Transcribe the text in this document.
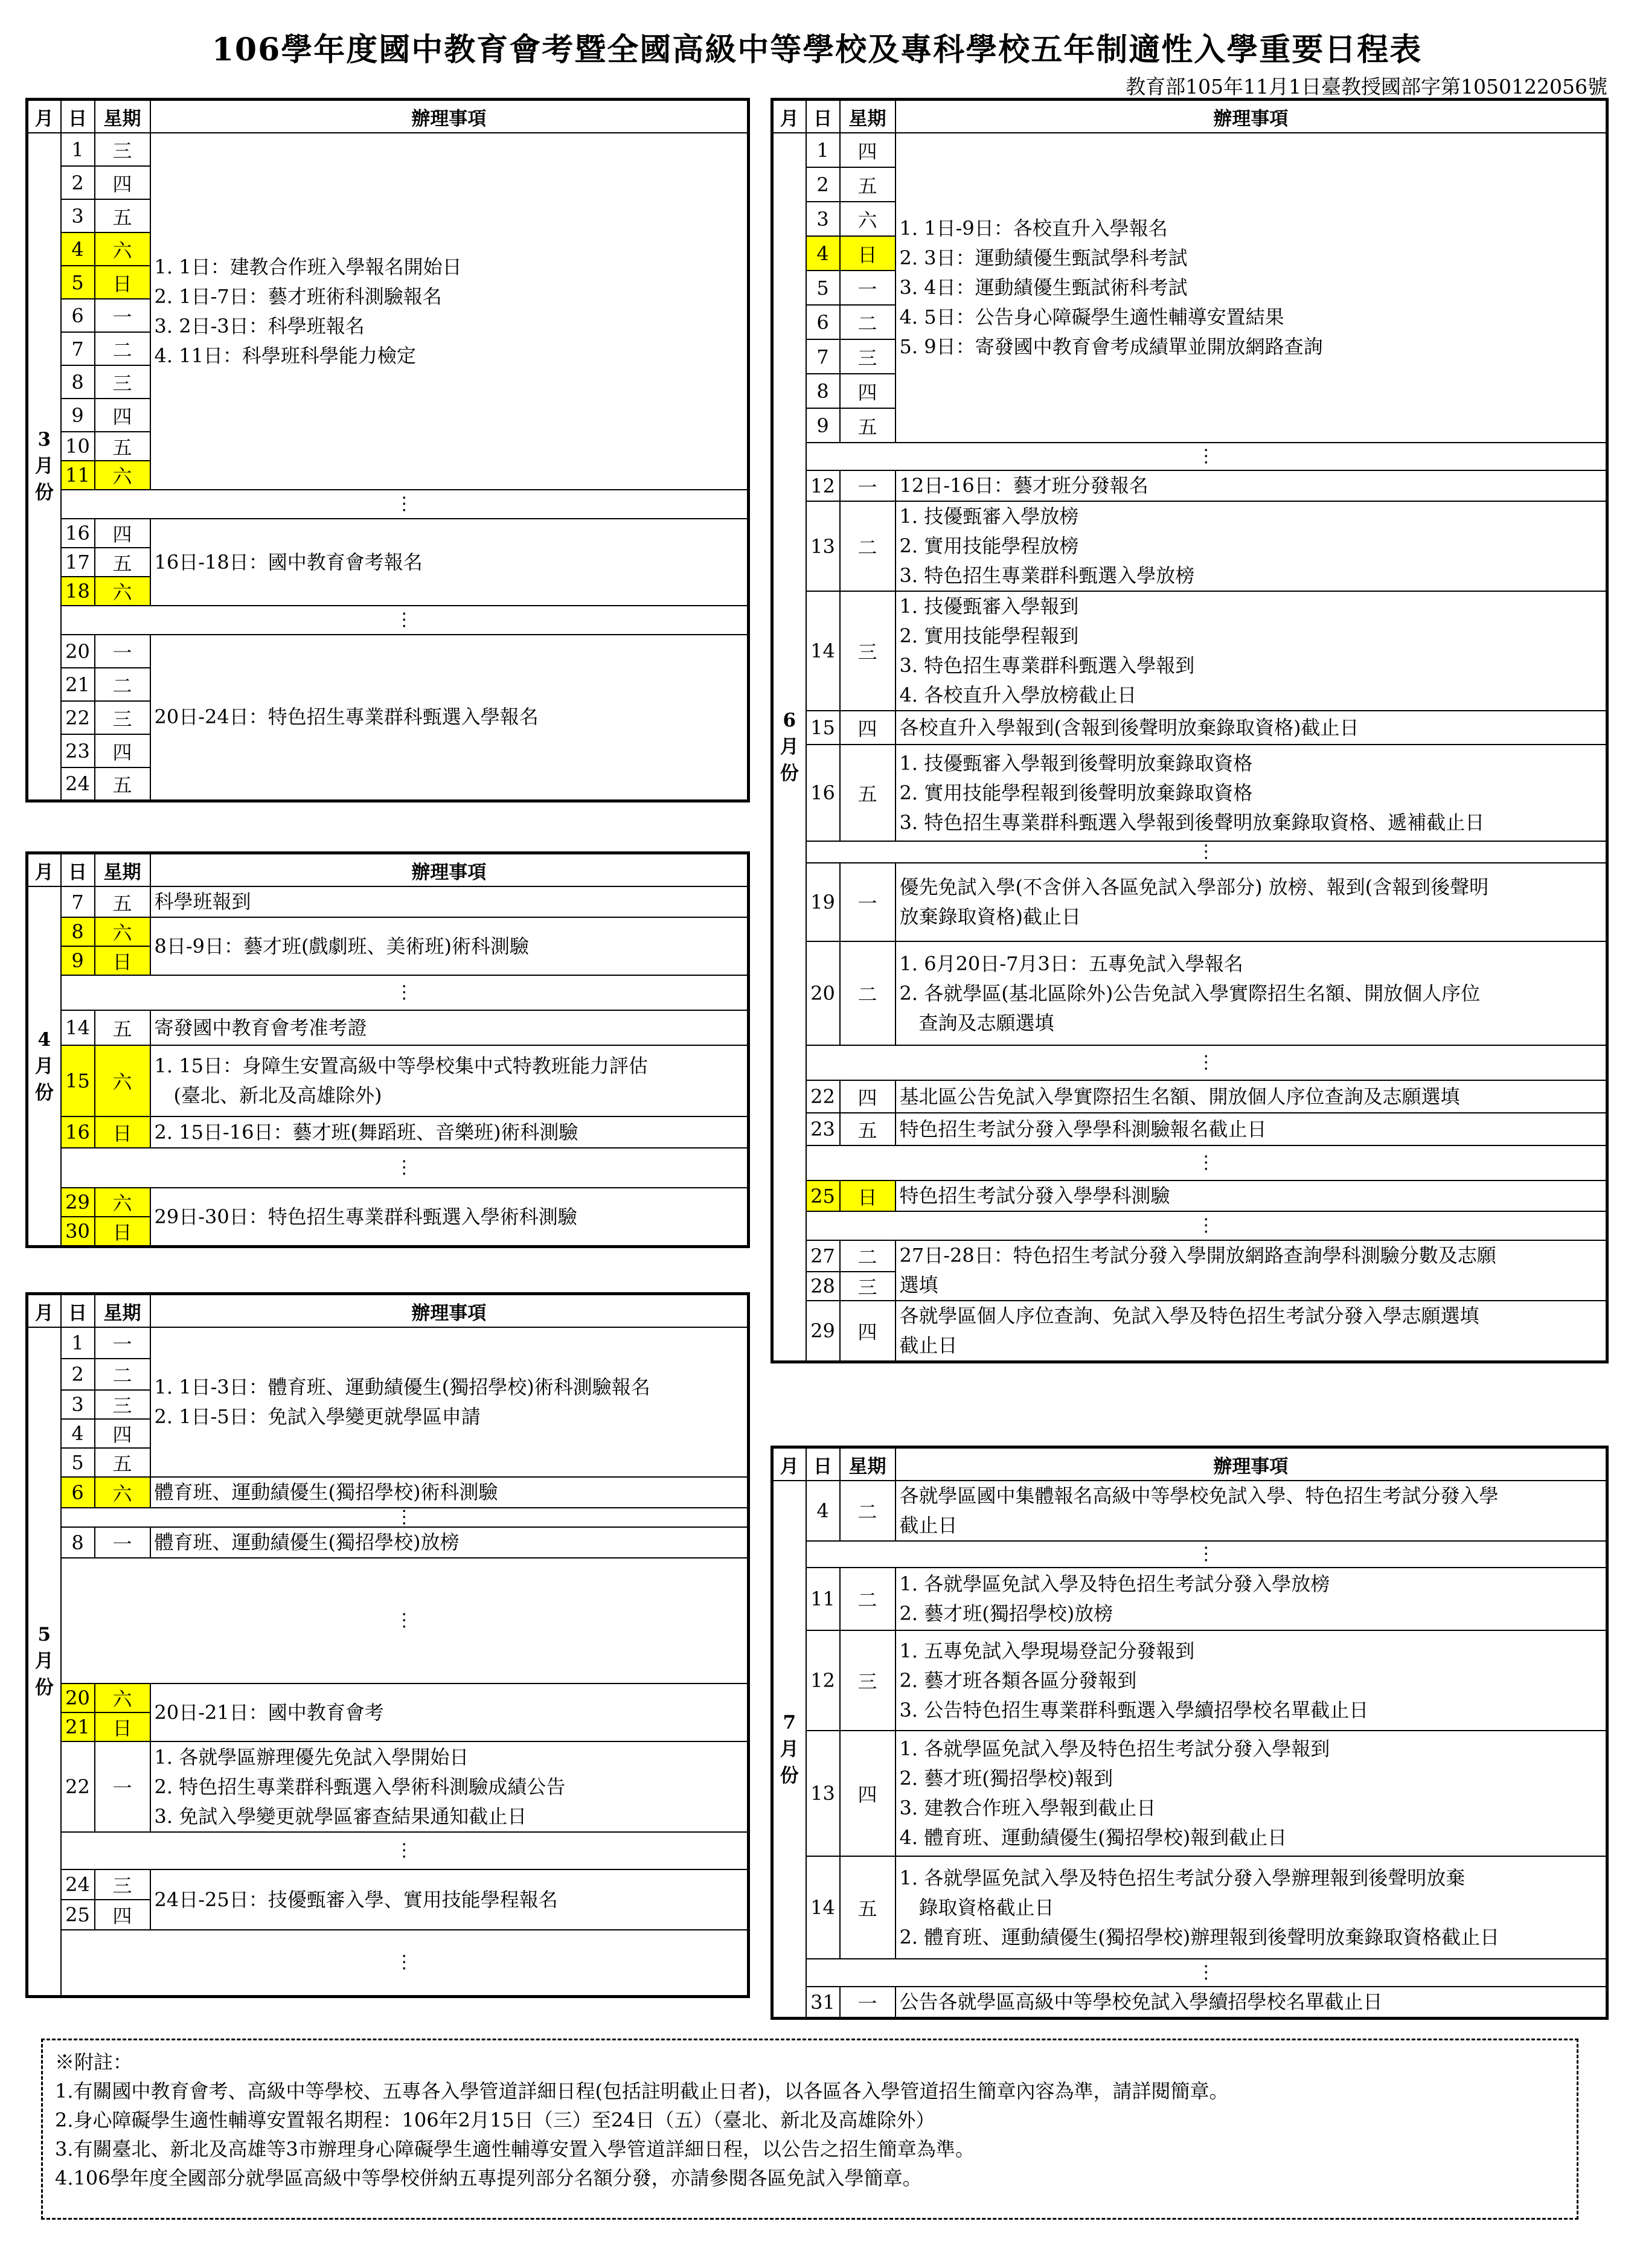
106學年度國中教育會考暨全國高級中等學校及專科學校五年制適性入學重要日程表
教育部105年11月1日臺教授國部字第1050122056號
月	日	星期	辦理事項
3月份	1	三	1. 1日：建教合作班入學報名開始日
2. 1日-7日：藝才班術科測驗報名
3. 2日-3日：科學班報名
4. 11日：科學班科學能力檢定

	2	四	
	3	五	
	4	六	
	5	日	
	6	一	
	7	二	
	8	三	
	9	四	
	10	五	
	11	六	
	⋮		
	16	四	16日-18日：國中教育會考報名

	17	五	
	18	六	
	⋮		
	20	一	20日-24日：特色招生專業群科甄選入學報名

	21	二	
	22	三	
	23	四	
	24	五	
月	日	星期	辦理事項
4月份	7	五	科學班報到

	8	六	8日-9日：藝才班(戲劇班、美術班)術科測驗

	9	日	
	⋮		
	14	五	寄發國中教育會考准考證

	15	六	1. 15日：身障生安置高級中等學校集中式特教班能力評估
　(臺北、新北及高雄除外)

	16	日	2. 15日-16日：藝才班(舞蹈班、音樂班)術科測驗

	⋮		
	29	六	29日-30日：特色招生專業群科甄選入學術科測驗

	30	日	
月	日	星期	辦理事項
5月份	1	一	1. 1日-3日：體育班、運動績優生(獨招學校)術科測驗報名
2. 1日-5日：免試入學變更就學區申請

	2	二	
	3	三	
	4	四	
	5	五	
	6	六	體育班、運動績優生(獨招學校)術科測驗

	⋮		
	8	一	體育班、運動績優生(獨招學校)放榜

	⋮		
	20	六	20日-21日：國中教育會考

	21	日	
	22	一	1. 各就學區辦理優先免試入學開始日
2. 特色招生專業群科甄選入學術科測驗成績公告
3. 免試入學變更就學區審查結果通知截止日

	⋮		
	24	三	24日-25日：技優甄審入學、實用技能學程報名

	25	四	
	⋮		
月	日	星期	辦理事項
6月份	1	四	1. 1日-9日：各校直升入學報名
2. 3日：運動績優生甄試學科考試
3. 4日：運動績優生甄試術科考試
4. 5日：公告身心障礙學生適性輔導安置結果
5. 9日：寄發國中教育會考成績單並開放網路查詢

	2	五	
	3	六	
	4	日	
	5	一	
	6	二	
	7	三	
	8	四	
	9	五	
	⋮		
	12	一	12日-16日：藝才班分發報名

	13	二	1. 技優甄審入學放榜
2. 實用技能學程放榜
3. 特色招生專業群科甄選入學放榜

	14	三	1. 技優甄審入學報到
2. 實用技能學程報到
3. 特色招生專業群科甄選入學報到
4. 各校直升入學放榜截止日

	15	四	各校直升入學報到(含報到後聲明放棄錄取資格)截止日

	16	五	1. 技優甄審入學報到後聲明放棄錄取資格
2. 實用技能學程報到後聲明放棄錄取資格
3. 特色招生專業群科甄選入學報到後聲明放棄錄取資格、遞補截止日

	⋮		
	19	一	優先免試入學(不含併入各區免試入學部分) 放榜、報到(含報到後聲明
放棄錄取資格)截止日

	20	二	1. 6月20日-7月3日：五專免試入學報名
2. 各就學區(基北區除外)公告免試入學實際招生名額、開放個人序位
　查詢及志願選填

	⋮		
	22	四	基北區公告免試入學實際招生名額、開放個人序位查詢及志願選填

	23	五	特色招生考試分發入學學科測驗報名截止日

	⋮		
	25	日	特色招生考試分發入學學科測驗

	⋮		
	27	二	27日-28日：特色招生考試分發入學開放網路查詢學科測驗分數及志願
選填

	28	三	
	29	四	各就學區個人序位查詢、免試入學及特色招生考試分發入學志願選填
截止日
月	日	星期	辦理事項
7月份	4	二	各就學區國中集體報名高級中等學校免試入學、特色招生考試分發入學
截止日

	⋮		
	11	二	1. 各就學區免試入學及特色招生考試分發入學放榜
2. 藝才班(獨招學校)放榜

	12	三	1. 五專免試入學現場登記分發報到
2. 藝才班各類各區分發報到
3. 公告特色招生專業群科甄選入學續招學校名單截止日

	13	四	1. 各就學區免試入學及特色招生考試分發入學報到
2. 藝才班(獨招學校)報到
3. 建教合作班入學報到截止日
4. 體育班、運動績優生(獨招學校)報到截止日

	14	五	1. 各就學區免試入學及特色招生考試分發入學辦理報到後聲明放棄
　錄取資格截止日
2. 體育班、運動績優生(獨招學校)辦理報到後聲明放棄錄取資格截止日

	⋮		
	31	一	公告各就學區高級中等學校免試入學續招學校名單截止日
※附註：
1.有關國中教育會考、高級中等學校、五專各入學管道詳細日程(包括註明截止日者)，以各區各入學管道招生簡章內容為準，請詳閱簡章。
2.身心障礙學生適性輔導安置報名期程：106年2月15日（三）至24日（五）（臺北、新北及高雄除外）
3.有關臺北、新北及高雄等3市辦理身心障礙學生適性輔導安置入學管道詳細日程，以公告之招生簡章為準。
4.106學年度全國部分就學區高級中等學校併納五專提列部分名額分發，亦請參閱各區免試入學簡章。
